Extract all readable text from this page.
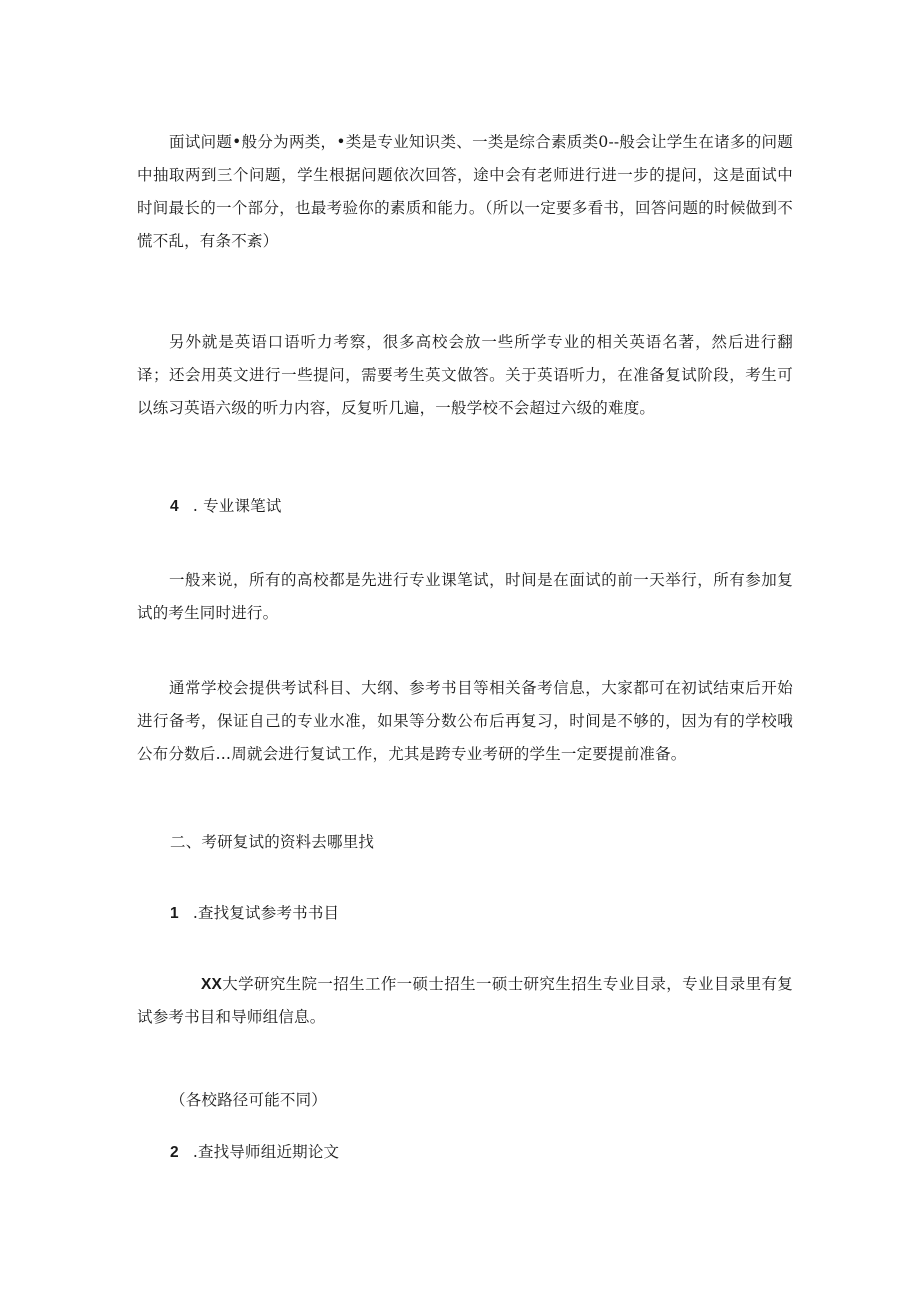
面试问题•般分为两类，•类是专业知识类、一类是综合素质类0--般会让学生在诸多的问题中抽取两到三个问题，学生根据问题依次回答，途中会有老师进行进一步的提问，这是面试中时间最长的一个部分，也最考验你的素质和能力。（所以一定要多看书，回答问题的时候做到不慌不乱，有条不紊）

另外就是英语口语听力考察，很多高校会放一些所学专业的相关英语名著，然后进行翻译；还会用英文进行一些提问，需要考生英文做答。关于英语听力，在准备复试阶段，考生可以练习英语六级的听力内容，反复听几遍，一般学校不会超过六级的难度。

4 . 专业课笔试

一般来说，所有的高校都是先进行专业课笔试，时间是在面试的前一天举行，所有参加复试的考生同时进行。

通常学校会提供考试科目、大纲、参考书目等相关备考信息，大家都可在初试结束后开始进行备考，保证自己的专业水准，如果等分数公布后再复习，时间是不够的，因为有的学校哦公布分数后…周就会进行复试工作，尤其是跨专业考研的学生一定要提前准备。

二、考研复试的资料去哪里找

1 .查找复试参考书书目

XX大学研究生院一招生工作一硕士招生一硕士研究生招生专业目录，专业目录里有复试参考书目和导师组信息。

（各校路径可能不同）

2 .查找导师组近期论文
